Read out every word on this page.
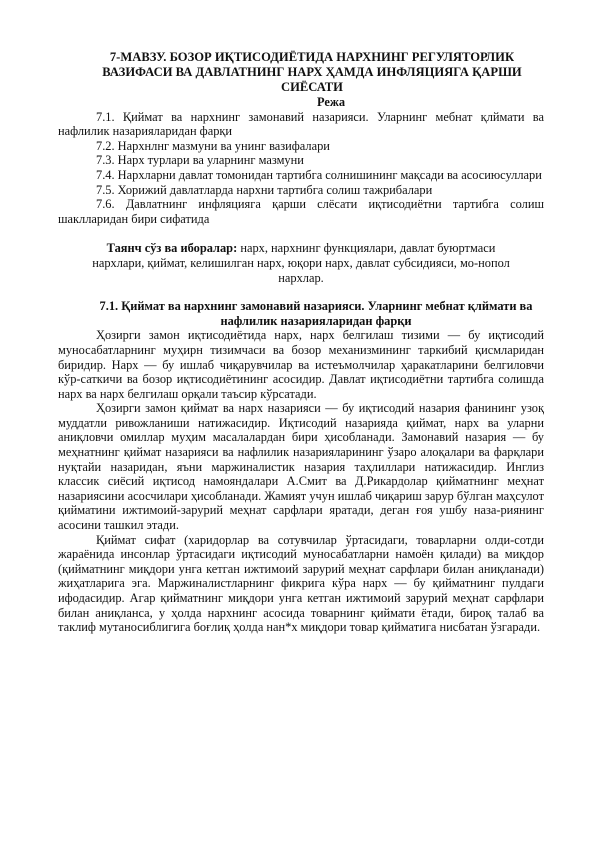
7-МАВЗУ. БОЗОР ИҚТИСОДИЁТИДА НАРХНИНГ РЕГУЛЯТОРЛИК ВАЗИФАСИ ВА ДАВЛАТНИНГ НАРХ ҲАМДА ИНФЛЯЦИЯГА ҚАРШИ СИЁСАТИ
Режа

7.1. Қиймат ва нархнинг замонавий назарияси. Уларнинг мебнат қлймати ва нафлилик назарияларидан фарқи

7.2. Нархнлнг мазмуни ва унинг вазифалари

7.3. Нарх турлари ва уларнинг мазмуни

7.4. Нархларни давлат томонидан тартибга солнишининг мақсади ва асосиюсуллари

7.5. Хорижий давлатларда нархни тартибга солиш тажрибалари

7.6. Давлатнинг инфляцияга қарши слёсати иқтисодиётни тартибга солиш шаклларидан бири сифатида

Таянч сўз ва иборалар: нарх, нархнинг функциялари, давлат буюртмаси нархлари, қиймат, келишилган нарх, юқори нарх, давлат субсидияси, мо-нопол нархлар.
7.1. Қиймат ва нархнинг замонавий назарияси. Уларнинг мебнат қлймати ва нафлилик назарияларидан фарқи

Ҳозирги замон иқтисодиётида нарх, нарх белгилаш тизими — бу иқтисодий муносабатларнинг муҳирн тизимчаси ва бозор механизмининг таркибий қисмларидан биридир. Нарх — бу ишлаб чиқарувчилар ва истеъмолчилар ҳаракатларини белгиловчи кўр-саткичи ва бозор иқтисодиётининг асосидир. Давлат иқтисодиётни тартибга солишда нарх ва нарх белгилаш орқали таъсир кўрсатади.

Ҳозирги замон қиймат ва нарх назарияси — бу иқтисодий назария фанининг узоқ муддатли ривожланиши натижасидир. Иқтисодий назарияда қиймат, нарх ва уларни аниқловчи омиллар муҳим масалалардан бири ҳисобланади. Замонавий назария — бу меҳнатнинг қиймат назарияси ва нафлилик назарияларининг ўзаро алоқалари ва фарқлари нуқтайи назаридан, яъни маржиналистик назария таҳлиллари натижасидир. Инглиз классик сиёсий иқтисод намояндалари А.Смит ва Д.Рикардолар қийматнинг меҳнат назариясини асосчилари ҳисобланади. Жамият учун ишлаб чиқариш зарур бўлган маҳсулот қийматини ижтимоий-зарурий меҳнат сарфлари яратади, деган ғоя ушбу наза-риянинг асосини ташкил этади.

Қиймат сифат (харидорлар ва сотувчилар ўртасидаги, товарларни олди-сотди жараёнида инсонлар ўртасидаги иқтисодий муносабатларни намоён қилади) ва миқдор (қийматнинг миқдори унга кетган ижтимоий зарурий меҳнат сарфлари билан аниқланади) жиҳатларига эга. Маржиналистларнинг фикрига кўра нарх — бу қийматнинг пулдаги ифодасидир. Агар қийматнинг миқдори унга кетган ижтимоий зарурий меҳнат сарфлари билан аниқланса, у ҳолда нархнинг асосида товарнинг қиймати ётади, бироқ талаб ва таклиф мутаносиблигига боғлиқ ҳолда нан*х миқдори товар қийматига нисбатан ўзгаради.
